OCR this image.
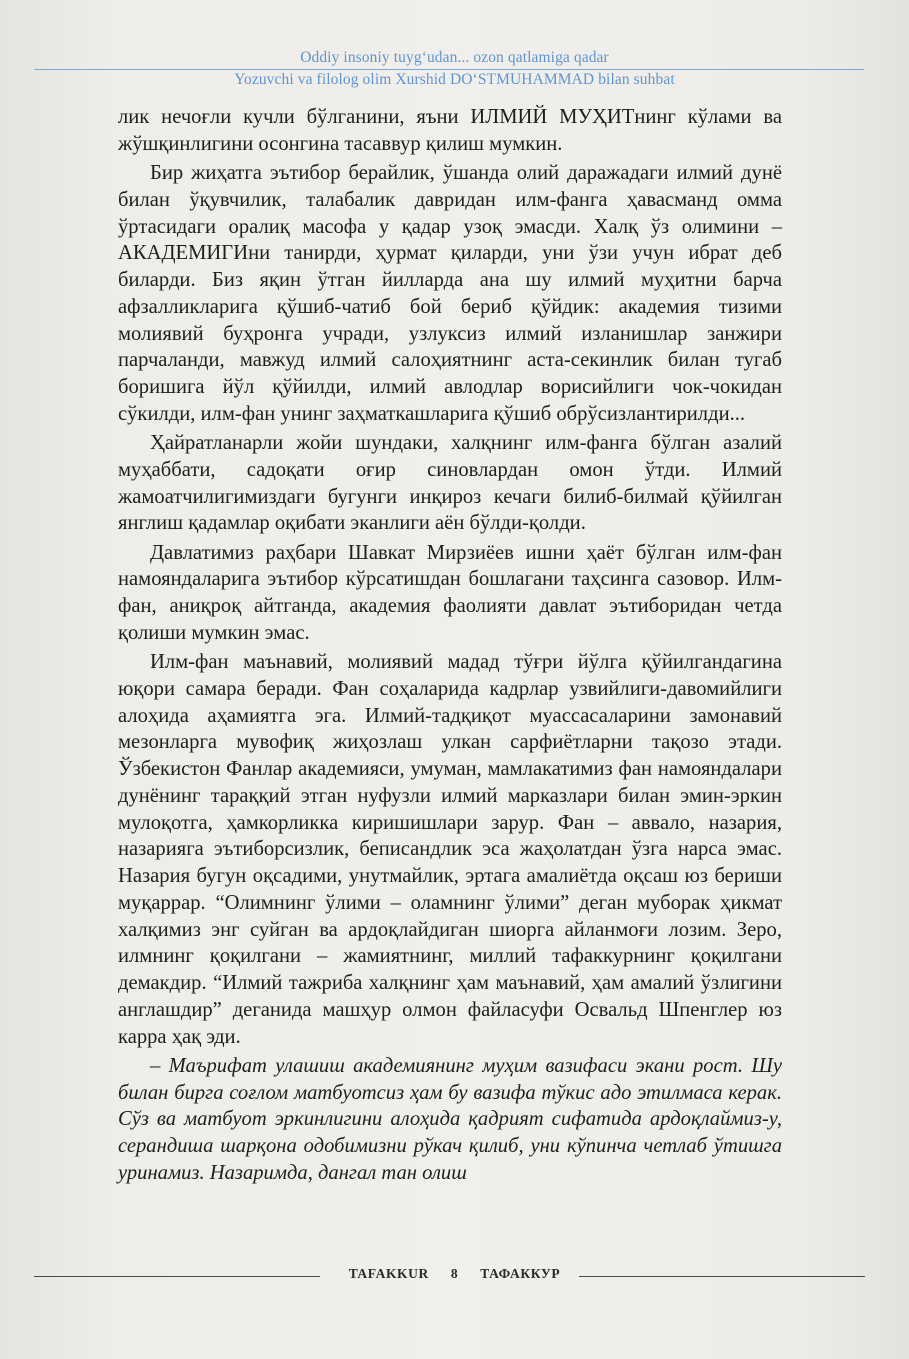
Oddiy insoniy tuyg‘udan... ozon qatlamiga qadar
Yozuvchi va filolog olim Xurshid DO‘STMUHAMMAD bilan suhbat

лик нечоғли кучли бўлганини, яъни ИЛМИЙ МУҲИТнинг кўлами ва жўшқинлигини осонгина тасаввур қилиш мумкин.

Бир жиҳатга эътибор берайлик, ўшанда олий даражадаги илмий дунё билан ўқувчилик, талабалик давридан илм-фанга ҳавасманд омма ўртасидаги оралиқ масофа у қадар узоқ эмасди. Халқ ўз олимини – АКАДЕМИГИни танирди, ҳурмат қиларди, уни ўзи учун ибрат деб биларди. Биз яқин ўтган йилларда ана шу илмий муҳитни барча афзалликларига қўшиб-чатиб бой бериб қўйдик: академия тизими молиявий буҳронга учради, узлуксиз илмий изланишлар занжири парчаланди, мавжуд илмий салоҳиятнинг аста-секинлик билан тугаб боришига йўл қўйилди, илмий авлодлар ворисийлиги чок-чокидан сўкилди, илм-фан унинг заҳматкашларига қўшиб обрўсизлантирилди...

Ҳайратланарли жойи шундаки, халқнинг илм-фанга бўлган азалий муҳаббати, садоқати оғир синовлардан омон ўтди. Илмий жамоатчилигимиздаги бугунги инқироз кечаги билиб-билмай қўйилган янглиш қадамлар оқибати эканлиги аён бўлди-қолди.

Давлатимиз раҳбари Шавкат Мирзиёев ишни ҳаёт бўлган илм-фан намояндаларига эътибор кўрсатишдан бошлагани таҳсинга сазовор. Илм-фан, аниқроқ айтганда, академия фаолияти давлат эътиборидан четда қолиши мумкин эмас.

Илм-фан маънавий, молиявий мадад тўғри йўлга қўйилгандагина юқори самара беради. Фан соҳаларида кадрлар узвийлиги-давомийлиги алоҳида аҳамиятга эга. Илмий-тадқиқот муассасаларини замонавий мезонларга мувофиқ жиҳозлаш улкан сарфиётларни тақозо этади. Ўзбекистон Фанлар академияси, умуман, мамлакатимиз фан намояндалари дунёнинг тараққий этган нуфузли илмий марказлари билан эмин-эркин мулоқотга, ҳамкорликка киришишлари зарур. Фан – аввало, назария, назарияга эътиборсизлик, беписандлик эса жаҳолатдан ўзга нарса эмас. Назария бугун оқсадими, унутмайлик, эртага амалиётда оқсаш юз бериши муқаррар. “Олимнинг ўлими – оламнинг ўлими” деган муборак ҳикмат халқимиз энг суйган ва ардоқлайдиган шиорга айланмоғи лозим. Зеро, илмнинг қоқилгани – жамиятнинг, миллий тафаккурнинг қоқилгани демакдир. “Илмий тажриба халқнинг ҳам маънавий, ҳам амалий ўзлигини англашдир” деганида машҳур олмон файласуфи Освальд Шпенглер юз карра ҳақ эди.

– Маърифат улашиш академиянинг муҳим вазифаси экани рост. Шу билан бирга соғлом матбуотсиз ҳам бу вазифа тўкис адо этилмаса керак. Сўз ва матбуот эркинлигини алоҳида қадрият сифатида ардоқлаймиз-у, серандиша шарқона одобимизни рўкач қилиб, уни кўпинча четлаб ўтишга уринамиз. Назаримда, дангал тан олиш

TAFAKKUR 8 ТАФАККУР
